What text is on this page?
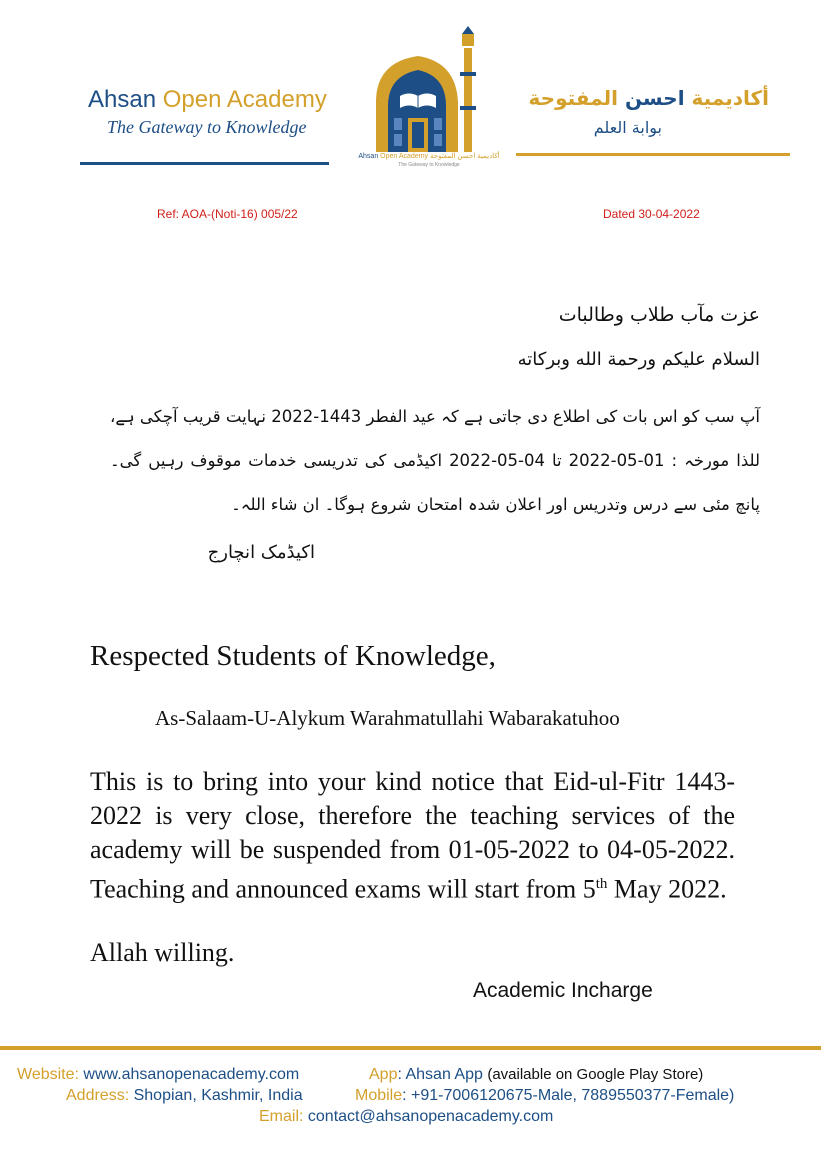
Ahsan Open Academy
The Gateway to Knowledge
أكاديمية احسن المفتوحة
بوابة العلم
Ahsan Open Academy أكاديمية احسن المفتوحة
The Gateway to Knowledge
Ref: AOA-(Noti-16) 005/22	Dated 30-04-2022
عزت مآب طلاب وطالبات
السلام علیکم ورحمة الله وبرکاته
آپ سب کو اس بات کی اطلاع دی جاتی ہے کہ عید الفطر 1443-2022 نہایت قریب آچکی ہے، للذا مورخہ : 01-05-2022 تا 04-05-2022 اکیڈمی کی تدریسی خدمات موقوف رہیں گی۔ پانچ مئی سے درس وتدریس اور اعلان شدہ امتحان شروع ہوگا۔ ان شاء اللہ۔
اکیڈمک انچارج
Respected Students of Knowledge,
As-Salaam-U-Alykum Warahmatullahi Wabarakatuhoo
This is to bring into your kind notice that Eid-ul-Fitr 1443-2022 is very close, therefore the teaching services of the academy will be suspended from 01-05-2022 to 04-05-2022. Teaching and announced exams will start from 5th May 2022.
Allah willing.
Academic Incharge
Website: www.ahsanopenacademy.com	App: Ahsan App (available on Google Play Store)
Address: Shopian, Kashmir, India	Mobile: +91-7006120675-Male, 7889550377-Female)
Email: contact@ahsanopenacademy.com
